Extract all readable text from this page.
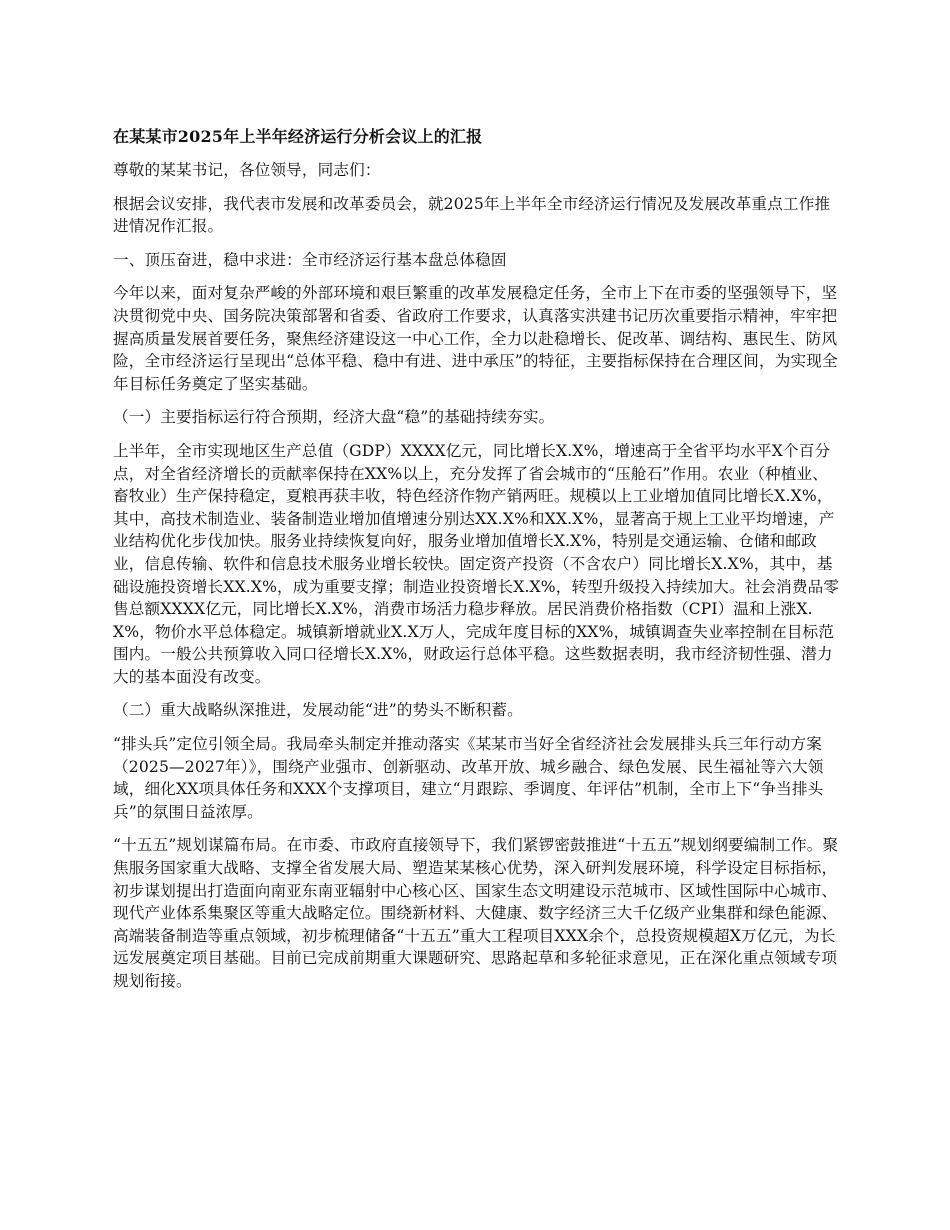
在某某市2025年上半年经济运行分析会议上的汇报

尊敬的某某书记，各位领导，同志们：

根据会议安排，我代表市发展和改革委员会，就2025年上半年全市经济运行情况及发展改革重点工作推进情况作汇报。

一、顶压奋进，稳中求进：全市经济运行基本盘总体稳固

今年以来，面对复杂严峻的外部环境和艰巨繁重的改革发展稳定任务，全市上下在市委的坚强领导下，坚决贯彻党中央、国务院决策部署和省委、省政府工作要求，认真落实洪建书记历次重要指示精神，牢牢把握高质量发展首要任务，聚焦经济建设这一中心工作，全力以赴稳增长、促改革、调结构、惠民生、防风险，全市经济运行呈现出“总体平稳、稳中有进、进中承压”的特征，主要指标保持在合理区间，为实现全年目标任务奠定了坚实基础。

（一）主要指标运行符合预期，经济大盘“稳”的基础持续夯实。

上半年，全市实现地区生产总值（GDP）XXXX亿元，同比增长X.X%，增速高于全省平均水平X个百分点，对全省经济增长的贡献率保持在XX%以上，充分发挥了省会城市的“压舱石”作用。农业（种植业、畜牧业）生产保持稳定，夏粮再获丰收，特色经济作物产销两旺。规模以上工业增加值同比增长X.X%，其中，高技术制造业、装备制造业增加值增速分别达XX.X%和XX.X%，显著高于规上工业平均增速，产业结构优化步伐加快。服务业持续恢复向好，服务业增加值增长X.X%，特别是交通运输、仓储和邮政业，信息传输、软件和信息技术服务业增长较快。固定资产投资（不含农户）同比增长X.X%，其中，基础设施投资增长XX.X%，成为重要支撑；制造业投资增长X.X%，转型升级投入持续加大。社会消费品零售总额XXXX亿元，同比增长X.X%，消费市场活力稳步释放。居民消费价格指数（CPI）温和上涨X.X%，物价水平总体稳定。城镇新增就业X.X万人，完成年度目标的XX%，城镇调查失业率控制在目标范围内。一般公共预算收入同口径增长X.X%，财政运行总体平稳。这些数据表明，我市经济韧性强、潜力大的基本面没有改变。

（二）重大战略纵深推进，发展动能“进”的势头不断积蓄。

“排头兵”定位引领全局。我局牵头制定并推动落实《某某市当好全省经济社会发展排头兵三年行动方案（2025—2027年）》，围绕产业强市、创新驱动、改革开放、城乡融合、绿色发展、民生福祉等六大领域，细化XX项具体任务和XXX个支撑项目，建立“月跟踪、季调度、年评估”机制，全市上下“争当排头兵”的氛围日益浓厚。

“十五五”规划谋篇布局。在市委、市政府直接领导下，我们紧锣密鼓推进“十五五”规划纲要编制工作。聚焦服务国家重大战略、支撑全省发展大局、塑造某某核心优势，深入研判发展环境，科学设定目标指标，初步谋划提出打造面向南亚东南亚辐射中心核心区、国家生态文明建设示范城市、区域性国际中心城市、现代产业体系集聚区等重大战略定位。围绕新材料、大健康、数字经济三大千亿级产业集群和绿色能源、高端装备制造等重点领域，初步梳理储备“十五五”重大工程项目XXX余个，总投资规模超X万亿元，为长远发展奠定项目基础。目前已完成前期重大课题研究、思路起草和多轮征求意见，正在深化重点领域专项规划衔接。
